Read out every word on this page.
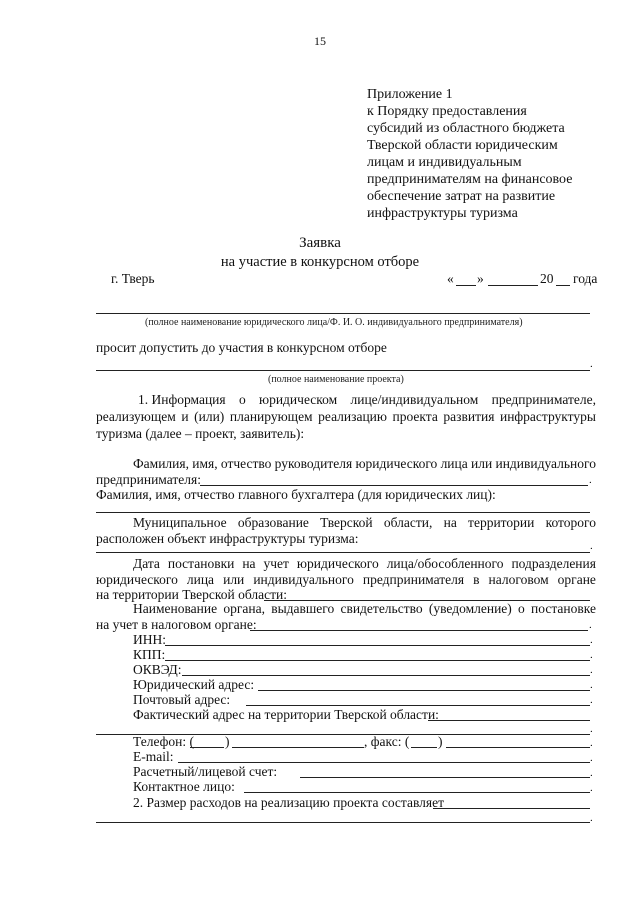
15
Приложение 1
к Порядку предоставления
субсидий из областного бюджета
Тверской области юридическим
лицам и индивидуальным
предпринимателям на финансовое
обеспечение затрат на развитие
инфраструктуры туризма
Заявка
на участие в конкурсном отборе
г. Тверь	« »	20 года
(полное наименование юридического лица/Ф. И. О. индивидуального предпринимателя)
просит допустить до участия в конкурсном отборе
.
(полное наименование проекта)
1. Информация о юридическом лице/индивидуальном предпринимателе,
реализующем и (или) планирующем реализацию проекта развития инфраструктуры
туризма (далее – проект, заявитель):
Фамилия, имя, отчество руководителя юридического лица или индивидуального
предпринимателя:	.
Фамилия, имя, отчество главного бухгалтера (для юридических лиц):
Муниципальное образование Тверской области, на территории которого
расположен объект инфраструктуры туризма:	.
Дата постановки на учет юридического лица/обособленного подразделения
юридического лица или индивидуального предпринимателя в налоговом органе
на территории Тверской области:
Наименование органа, выдавшего свидетельство (уведомление) о постановке
на учет в налоговом органе:	.
ИНН:	.
КПП:	.
ОКВЭД:	.
Юридический адрес:	.
Почтовый адрес:	.
Фактический адрес на территории Тверской области:
.
Телефон: ( )	, факс: ( )	.
E-mail:	.
Расчетный/лицевой счет:	.
Контактное лицо:	.
2. Размер расходов на реализацию проекта составляет
.
